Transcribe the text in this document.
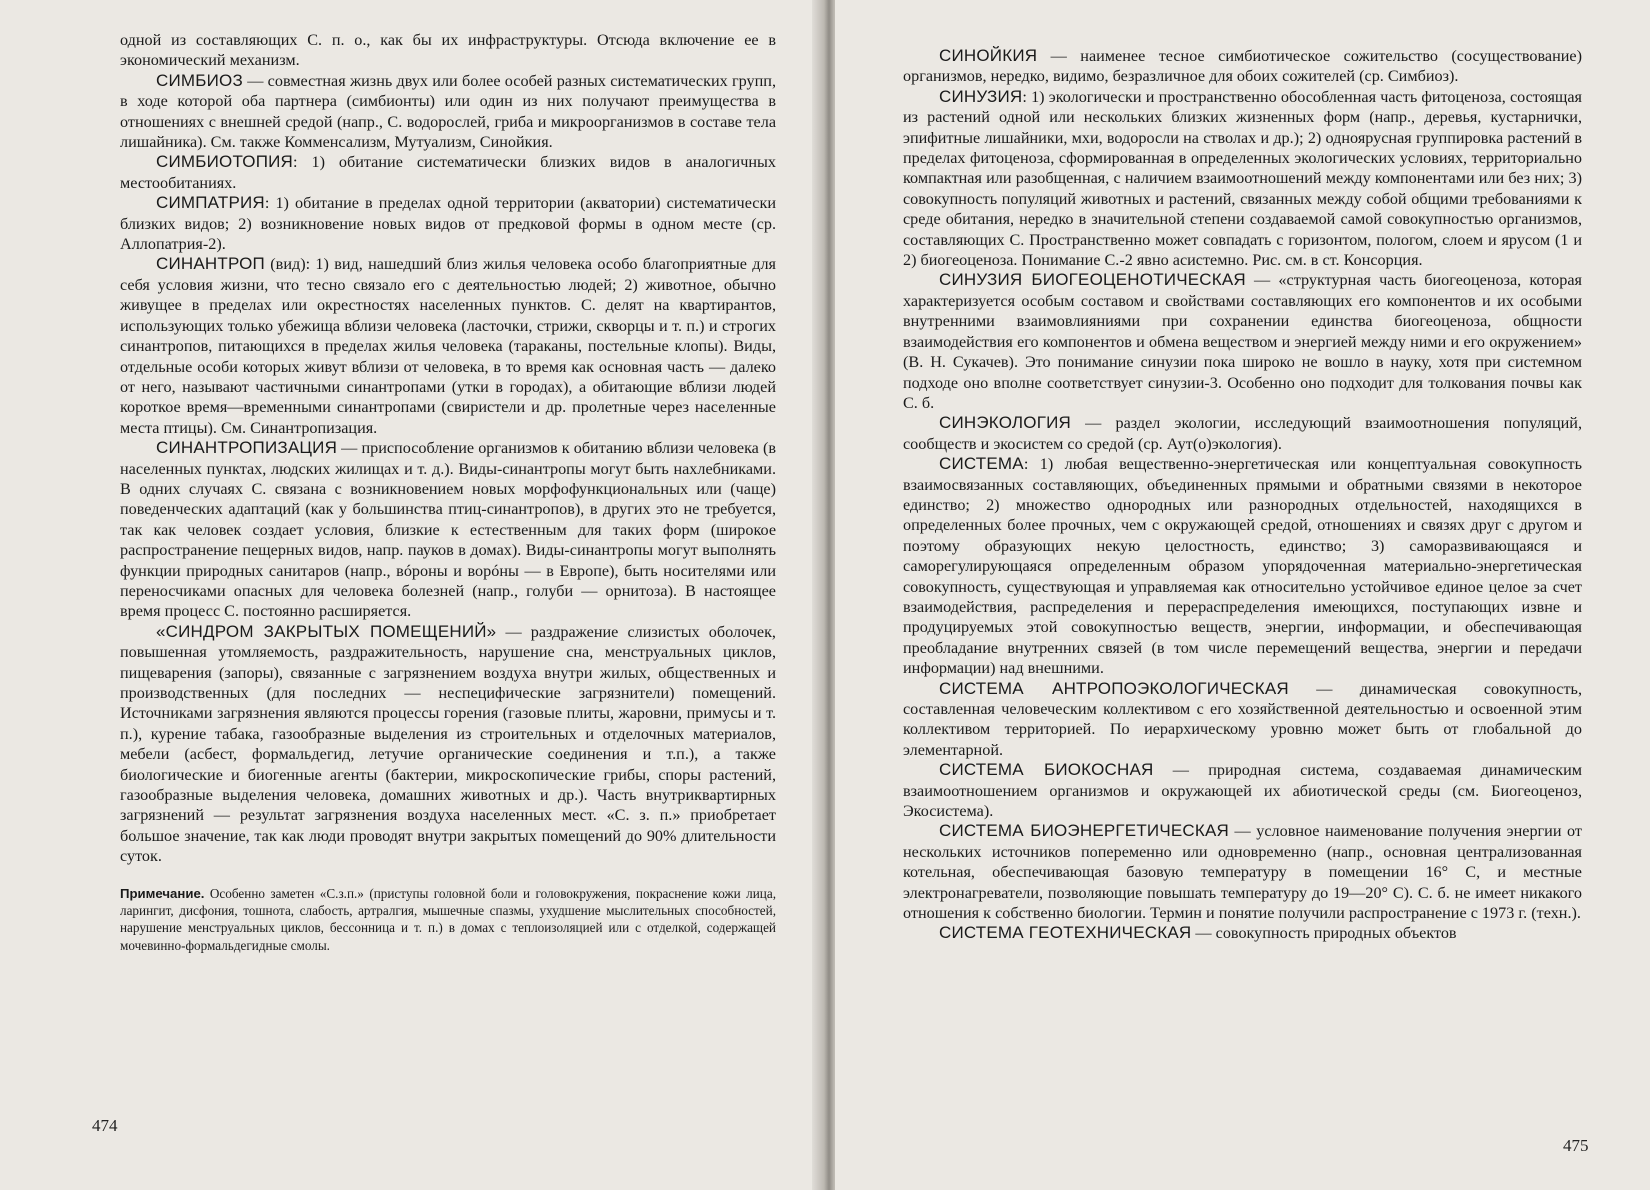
одной из составляющих С. п. о., как бы их инфраструктуры. Отсюда включение ее в экономический механизм.

СИМБИОЗ — совместная жизнь двух или более особей разных систематических групп, в ходе которой оба партнера (симбионты) или один из них получают преимущества в отношениях с внешней средой (напр., С. водорослей, гриба и микроорганизмов в составе тела лишайника). См. также Комменсализм, Мутуализм, Синойкия.

СИМБИОТОПИЯ: 1) обитание систематически близких видов в аналогичных местообитаниях.

СИМПАТРИЯ: 1) обитание в пределах одной территории (акватории) систематически близких видов; 2) возникновение новых видов от предковой формы в одном месте (ср. Аллопатрия-2).

СИНАНТРОП (вид): 1) вид, нашедший близ жилья человека особо благоприятные для себя условия жизни, что тесно связало его с деятельностью людей; 2) животное, обычно живущее в пределах или окрестностях населенных пунктов. С. делят на квартирантов, использующих только убежища вблизи человека (ласточки, стрижи, скворцы и т. п.) и строгих синантропов, питающихся в пределах жилья человека (тараканы, постельные клопы). Виды, отдельные особи которых живут вблизи от человека, в то время как основная часть — далеко от него, называют частичными синантропами (утки в городах), а обитающие вблизи людей короткое время—временными синантропами (свиристели и др. пролетные через населенные места птицы). См. Синантропизация.

СИНАНТРОПИЗАЦИЯ — приспособление организмов к обитанию вблизи человека (в населенных пунктах, людских жилищах и т. д.). Виды-синантропы могут быть нахлебниками. В одних случаях С. связана с возникновением новых морфофункциональных или (чаще) поведенческих адаптаций (как у большинства птиц-синантропов), в других это не требуется, так как человек создает условия, близкие к естественным для таких форм (широкое распространение пещерных видов, напр. пауков в домах). Виды-синантропы могут выполнять функции природных санитаров (напр., вóроны и ворóны — в Европе), быть носителями или переносчиками опасных для человека болезней (напр., голуби — орнитоза). В настоящее время процесс С. постоянно расширяется.

«СИНДРОМ ЗАКРЫТЫХ ПОМЕЩЕНИЙ» — раздражение слизистых оболочек, повышенная утомляемость, раздражительность, нарушение сна, менструальных циклов, пищеварения (запоры), связанные с загрязнением воздуха внутри жилых, общественных и производственных (для последних — неспецифические загрязнители) помещений. Источниками загрязнения являются процессы горения (газовые плиты, жаровни, примусы и т. п.), курение табака, газообразные выделения из строительных и отделочных материалов, мебели (асбест, формальдегид, летучие органические соединения и т.п.), а также биологические и биогенные агенты (бактерии, микроскопические грибы, споры растений, газообразные выделения человека, домашних животных и др.). Часть внутриквартирных загрязнений — результат загрязнения воздуха населенных мест. «С. з. п.» приобретает большое значение, так как люди проводят внутри закрытых помещений до 90% длительности суток.

Примечание. Особенно заметен «С.з.п.» (приступы головной боли и головокружения, покраснение кожи лица, ларингит, дисфония, тошнота, слабость, артралгия, мышечные спазмы, ухудшение мыслительных способностей, нарушение менструальных циклов, бессонница и т. п.) в домах с теплоизоляцией или с отделкой, содержащей мочевинно-формальдегидные смолы.

СИНОЙКИЯ — наименее тесное симбиотическое сожительство (сосуществование) организмов, нередко, видимо, безразличное для обоих сожителей (ср. Симбиоз).

СИНУЗИЯ: 1) экологически и пространственно обособленная часть фитоценоза, состоящая из растений одной или нескольких близких жизненных форм (напр., деревья, кустарнички, эпифитные лишайники, мхи, водоросли на стволах и др.); 2) одноярусная группировка растений в пределах фитоценоза, сформированная в определенных экологических условиях, территориально компактная или разобщенная, с наличием взаимоотношений между компонентами или без них; 3) совокупность популяций животных и растений, связанных между собой общими требованиями к среде обитания, нередко в значительной степени создаваемой самой совокупностью организмов, составляющих С. Пространственно может совпадать с горизонтом, пологом, слоем и ярусом (1 и 2) биогеоценоза. Понимание С.-2 явно асистемно. Рис. см. в ст. Консорция.

СИНУЗИЯ БИОГЕОЦЕНОТИЧЕСКАЯ — «структурная часть биогеоценоза, которая характеризуется особым составом и свойствами составляющих его компонентов и их особыми внутренними взаимовлияниями при сохранении единства биогеоценоза, общности взаимодействия его компонентов и обмена веществом и энергией между ними и его окружением» (В. Н. Сукачев). Это понимание синузии пока широко не вошло в науку, хотя при системном подходе оно вполне соответствует синузии-3. Особенно оно подходит для толкования почвы как С. б.

СИНЭКОЛОГИЯ — раздел экологии, исследующий взаимоотношения популяций, сообществ и экосистем со средой (ср. Аут(о)экология).

СИСТЕМА: 1) любая вещественно-энергетическая или концептуальная совокупность взаимосвязанных составляющих, объединенных прямыми и обратными связями в некоторое единство; 2) множество однородных или разнородных отдельностей, находящихся в определенных более прочных, чем с окружающей средой, отношениях и связях друг с другом и поэтому образующих некую целостность, единство; 3) саморазвивающаяся и саморегулирующаяся определенным образом упорядоченная материально-энергетическая совокупность, существующая и управляемая как относительно устойчивое единое целое за счет взаимодействия, распределения и перераспределения имеющихся, поступающих извне и продуцируемых этой совокупностью веществ, энергии, информации, и обеспечивающая преобладание внутренних связей (в том числе перемещений вещества, энергии и передачи информации) над внешними.

СИСТЕМА АНТРОПОЭКОЛОГИЧЕСКАЯ — динамическая совокупность, составленная человеческим коллективом с его хозяйственной деятельностью и освоенной этим коллективом территорией. По иерархическому уровню может быть от глобальной до элементарной.

СИСТЕМА БИОКОСНАЯ — природная система, создаваемая динамическим взаимоотношением организмов и окружающей их абиотической среды (см. Биогеоценоз, Экосистема).

СИСТЕМА БИОЭНЕРГЕТИЧЕСКАЯ — условное наименование получения энергии от нескольких источников попеременно или одновременно (напр., основная централизованная котельная, обеспечивающая базовую температуру в помещении 16° С, и местные электронагреватели, позволяющие повышать температуру до 19—20° С). С. б. не имеет никакого отношения к собственно биологии. Термин и понятие получили распространение с 1973 г. (техн.).

СИСТЕМА ГЕОТЕХНИЧЕСКАЯ — совокупность природных объектов

474
475
